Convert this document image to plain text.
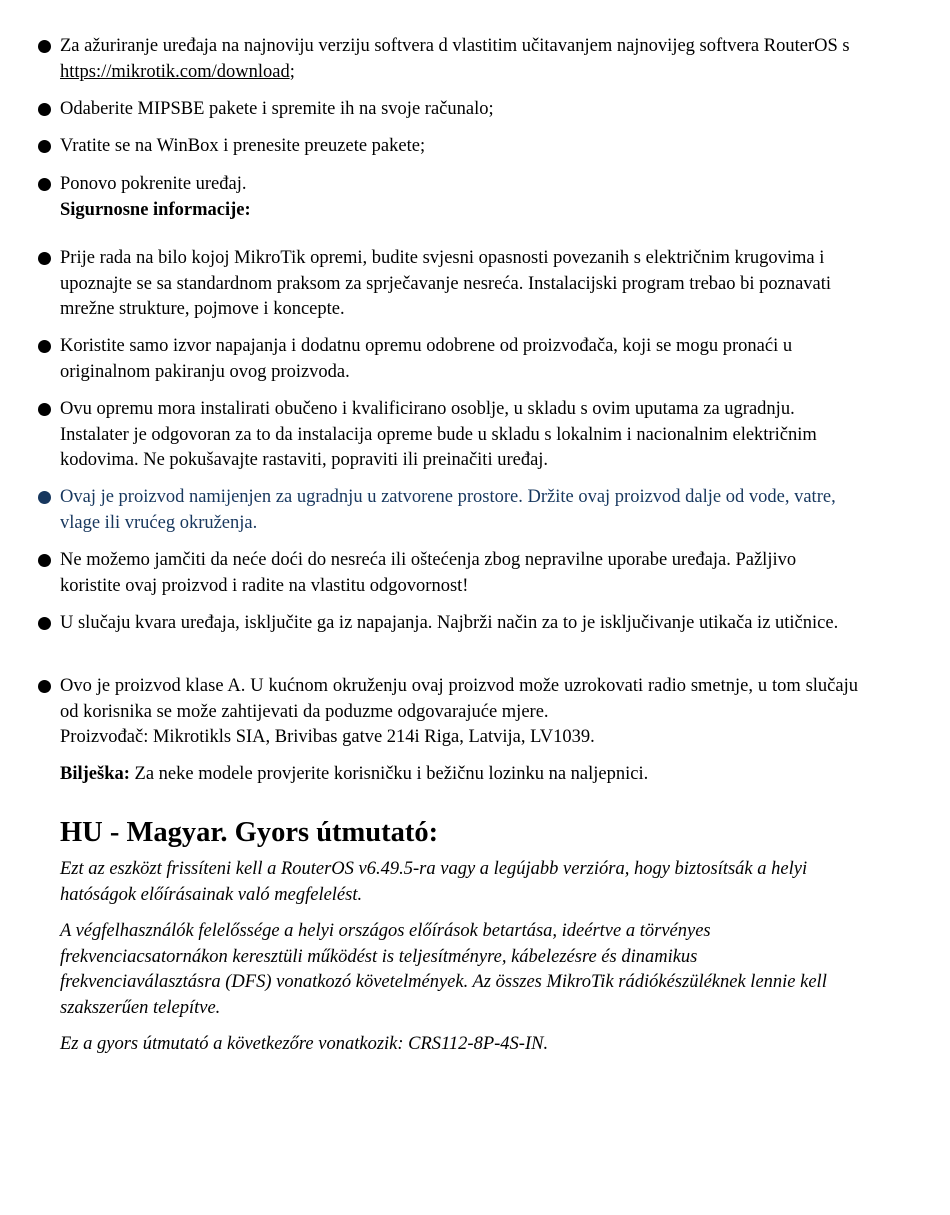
Za ažuriranje uređaja na najnoviju verziju softvera d vlastitim učitavanjem najnovijeg softvera RouterOS s https://mikrotik.com/download;
Odaberite MIPSBE pakete i spremite ih na svoje računalo;
Vratite se na WinBox i prenesite preuzete pakete;
Ponovo pokrenite uređaj.
Sigurnosne informacije:
Prije rada na bilo kojoj MikroTik opremi, budite svjesni opasnosti povezanih s električnim krugovima i upoznajte se sa standardnom praksom za sprječavanje nesreća. Instalacijski program trebao bi poznavati mrežne strukture, pojmove i koncepte.
Koristite samo izvor napajanja i dodatnu opremu odobrene od proizvođača, koji se mogu pronaći u originalnom pakiranju ovog proizvoda.
Ovu opremu mora instalirati obučeno i kvalificirano osoblje, u skladu s ovim uputama za ugradnju. Instalater je odgovoran za to da instalacija opreme bude u skladu s lokalnim i nacionalnim električnim kodovima. Ne pokušavajte rastaviti, popraviti ili preinačiti uređaj.
Ovaj je proizvod namijenjen za ugradnju u zatvorene prostore. Držite ovaj proizvod dalje od vode, vatre, vlage ili vrućeg okruženja.
Ne možemo jamčiti da neće doći do nesreća ili oštećenja zbog nepravilne uporabe uređaja. Pažljivo koristite ovaj proizvod i radite na vlastitu odgovornost!
U slučaju kvara uređaja, isključite ga iz napajanja. Najbrži način za to je isključivanje utikača iz utičnice.
Ovo je proizvod klase A. U kućnom okruženju ovaj proizvod može uzrokovati radio smetnje, u tom slučaju od korisnika se može zahtijevati da poduzme odgovarajuće mjere.
Proizvođač: Mikrotikls SIA, Brivibas gatve 214i Riga, Latvija, LV1039.
Bilješka: Za neke modele provjerite korisničku i bežičnu lozinku na naljepnici.
HU - Magyar. Gyors útmutató:
Ezt az eszközt frissíteni kell a RouterOS v6.49.5-ra vagy a legújabb verzióra, hogy biztosítsák a helyi hatóságok előírásainak való megfelelést.
A végfelhasználók felelőssége a helyi országos előírások betartása, ideértve a törvényes frekvenciacsatornákon keresztüli működést is teljesítményre, kábelezésre és dinamikus frekvenciaválasztásra (DFS) vonatkozó követelmények. Az összes MikroTik rádiókészüléknek lennie kell szakszerűen telepítve.
Ez a gyors útmutató a következőre vonatkozik: CRS112-8P-4S-IN.
